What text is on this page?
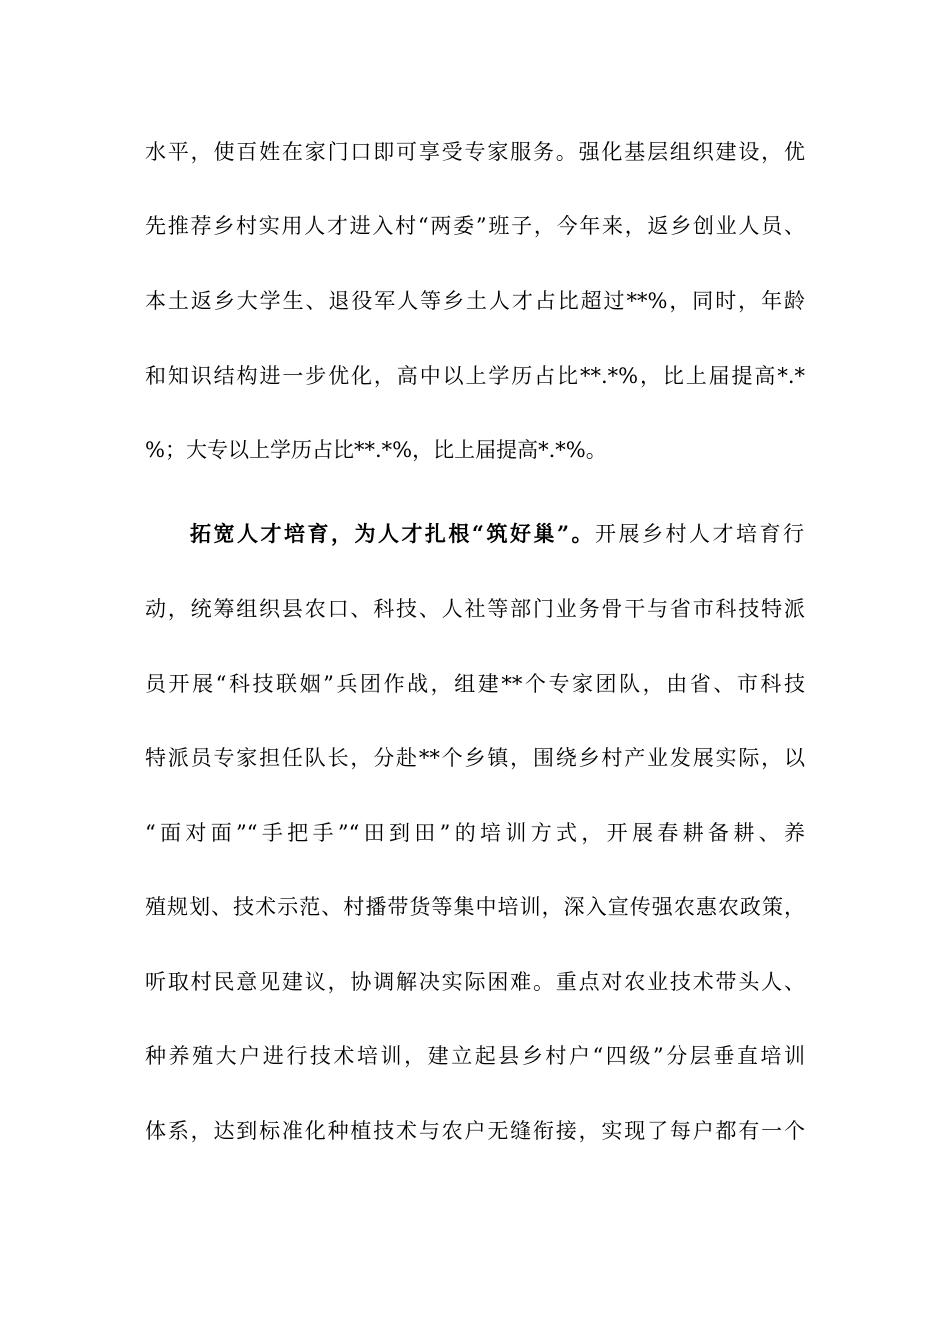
水平，使百姓在家门口即可享受专家服务。强化基层组织建设，优
先推荐乡村实用人才进入村“两委”班子，今年来，返乡创业人员、
本土返乡大学生、退役军人等乡土人才占比超过**%，同时，年龄
和知识结构进一步优化，高中以上学历占比**.*%，比上届提高*.*
%；大专以上学历占比**.*%，比上届提高*.*%。
拓宽人才培育，为人才扎根“筑好巢”。开展乡村人才培育行
动，统筹组织县农口、科技、人社等部门业务骨干与省市科技特派
员开展“科技联姻”兵团作战，组建**个专家团队，由省、市科技
特派员专家担任队长，分赴**个乡镇，围绕乡村产业发展实际，以
“面对面”“手把手”“田到田”的培训方式，开展春耕备耕、养
殖规划、技术示范、村播带货等集中培训，深入宣传强农惠农政策，
听取村民意见建议，协调解决实际困难。重点对农业技术带头人、
种养殖大户进行技术培训，建立起县乡村户“四级”分层垂直培训
体系，达到标准化种植技术与农户无缝衔接，实现了每户都有一个
